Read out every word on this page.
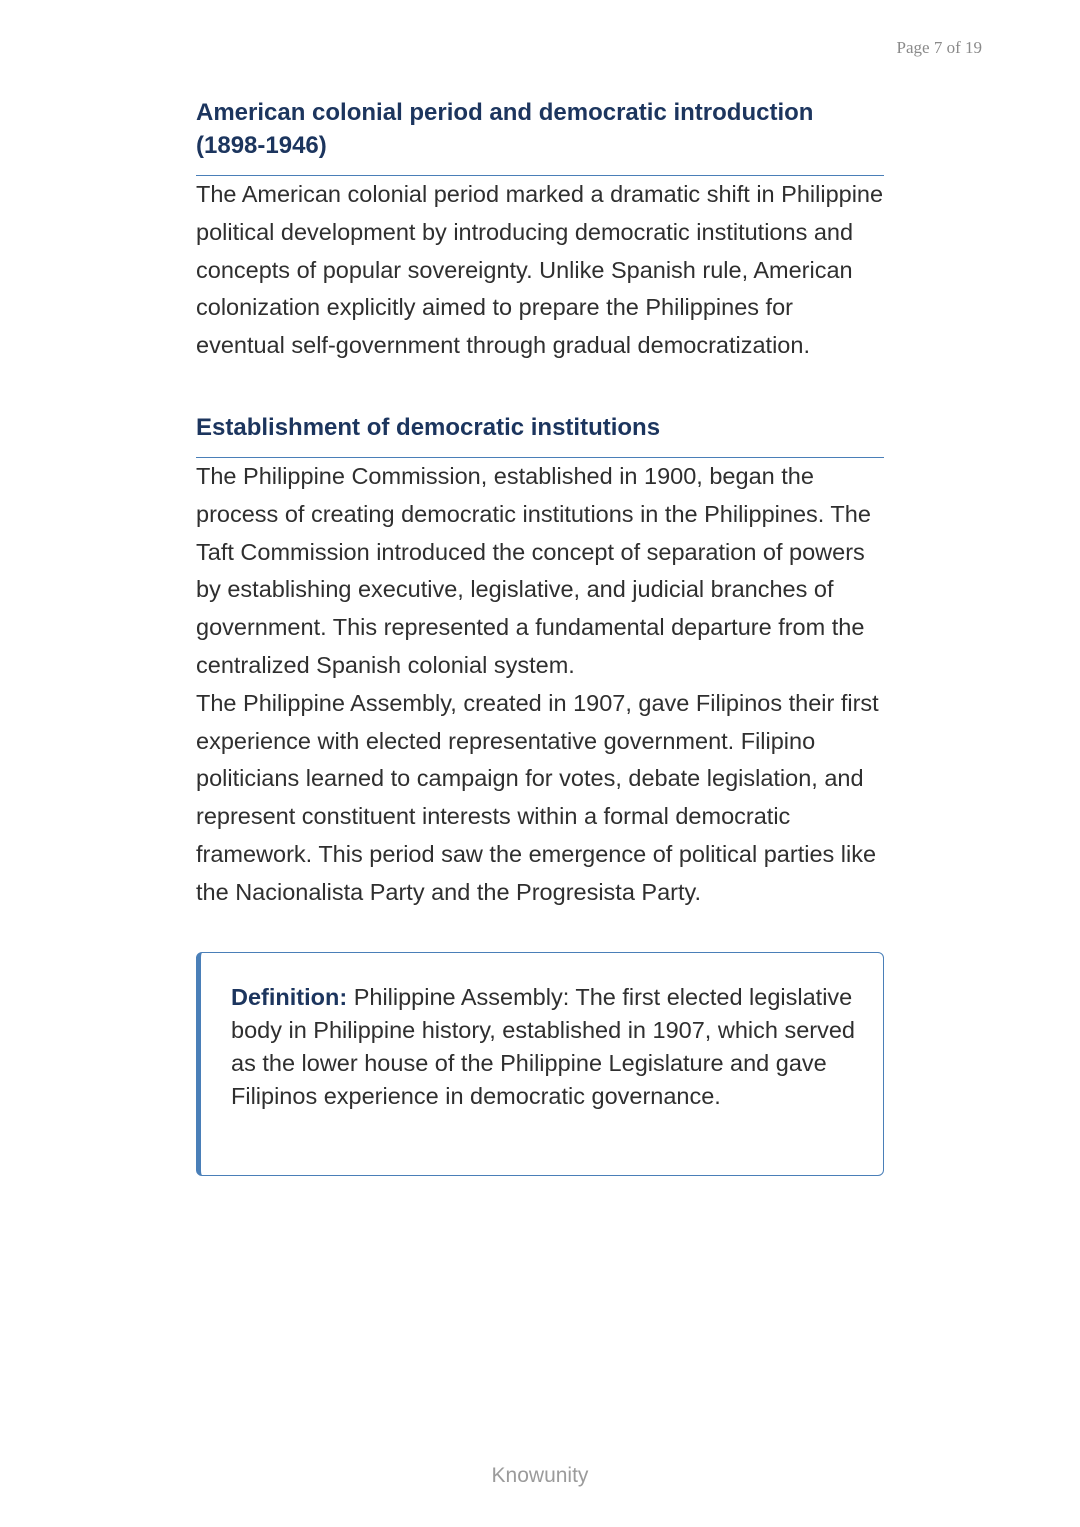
Page 7 of 19
American colonial period and democratic introduction (1898-1946)

The American colonial period marked a dramatic shift in Philippine political development by introducing democratic institutions and concepts of popular sovereignty. Unlike Spanish rule, American colonization explicitly aimed to prepare the Philippines for eventual self-government through gradual democratization.

Establishment of democratic institutions

The Philippine Commission, established in 1900, began the process of creating democratic institutions in the Philippines. The Taft Commission introduced the concept of separation of powers by establishing executive, legislative, and judicial branches of government. This represented a fundamental departure from the centralized Spanish colonial system.

The Philippine Assembly, created in 1907, gave Filipinos their first experience with elected representative government. Filipino politicians learned to campaign for votes, debate legislation, and represent constituent interests within a formal democratic framework. This period saw the emergence of political parties like the Nacionalista Party and the Progresista Party.

Definition: Philippine Assembly: The first elected legislative body in Philippine history, established in 1907, which served as the lower house of the Philippine Legislature and gave Filipinos experience in democratic governance.
Knowunity
